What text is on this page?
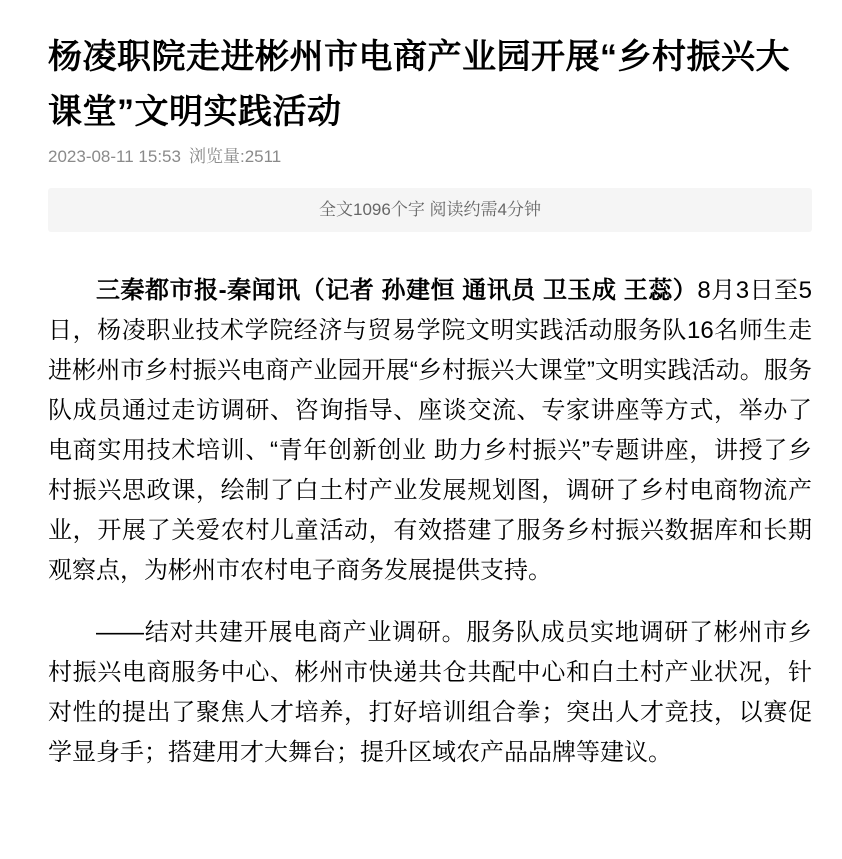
杨凌职院走进彬州市电商产业园开展“乡村振兴大课堂”文明实践活动
2023-08-11 15:53 浏览量:2511
全文1096个字 阅读约需4分钟

三秦都市报-秦闻讯（记者 孙建恒 通讯员 卫玉成 王蕊）8月3日至5日，杨凌职业技术学院经济与贸易学院文明实践活动服务队16名师生走进彬州市乡村振兴电商产业园开展“乡村振兴大课堂”文明实践活动。服务队成员通过走访调研、咨询指导、座谈交流、专家讲座等方式，举办了电商实用技术培训、“青年创新创业 助力乡村振兴”专题讲座，讲授了乡村振兴思政课，绘制了白土村产业发展规划图，调研了乡村电商物流产业，开展了关爱农村儿童活动，有效搭建了服务乡村振兴数据库和长期观察点，为彬州市农村电子商务发展提供支持。

——结对共建开展电商产业调研。服务队成员实地调研了彬州市乡村振兴电商服务中心、彬州市快递共仓共配中心和白土村产业状况，针对性的提出了聚焦人才培养，打好培训组合拳；突出人才竞技，以赛促学显身手；搭建用才大舞台；提升区域农产品品牌等建议。
